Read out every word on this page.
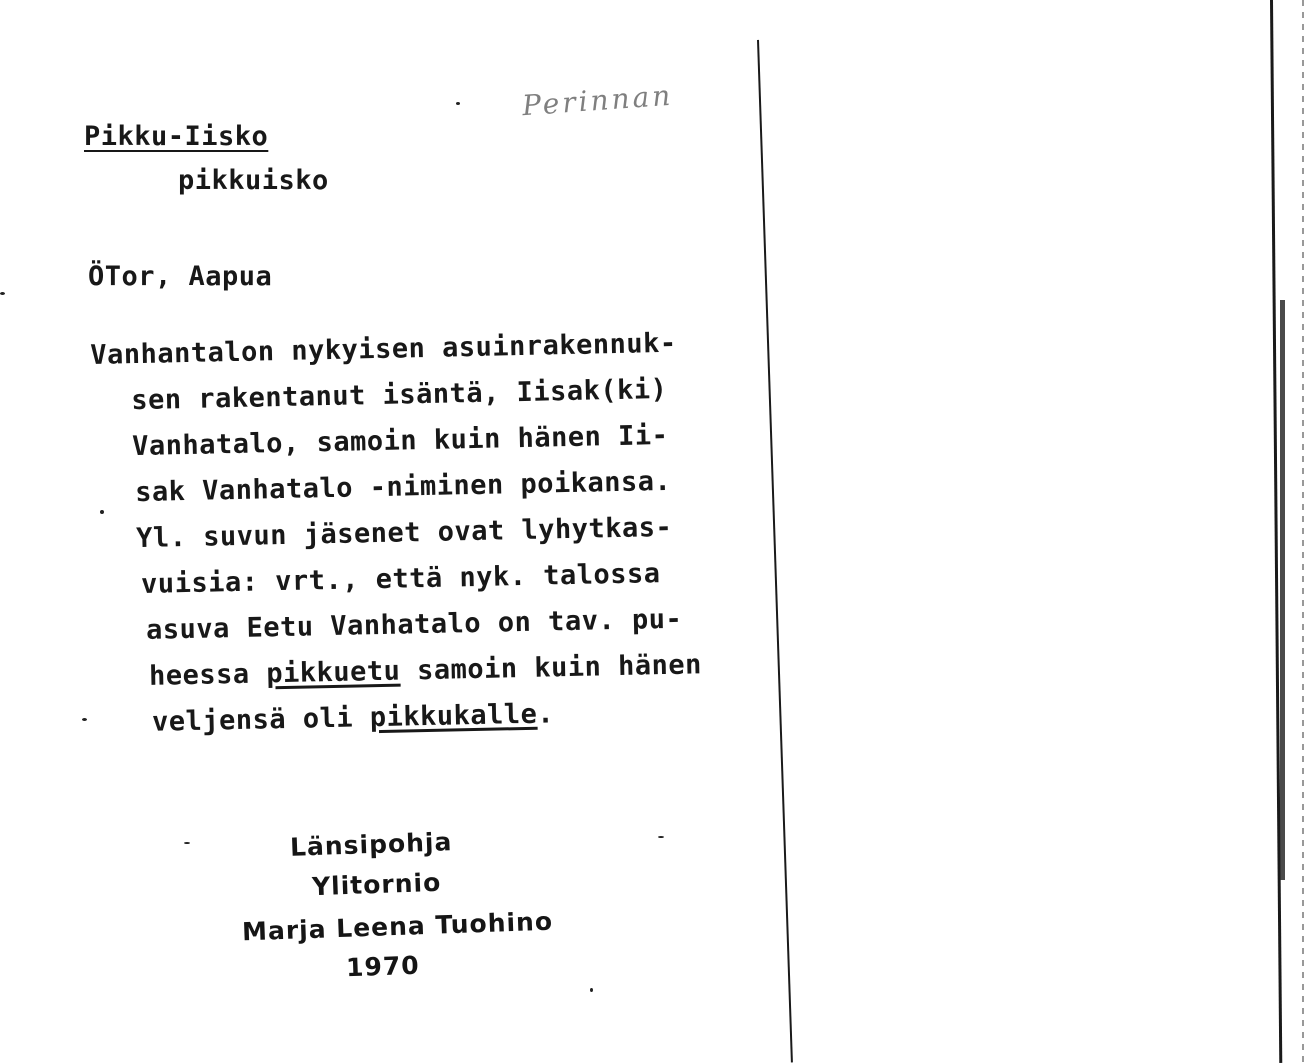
Perinnan
Pikku-Iisko
pikkuisko
ÖTor, Aapua
Vanhantalon nykyisen asuinrakennuk-
sen rakentanut isäntä, Iisak(ki)
Vanhatalo, samoin kuin hänen Ii-
sak Vanhatalo -niminen poikansa.
Yl. suvun jäsenet ovat lyhytkas-
vuisia: vrt., että nyk. talossa
asuva Eetu Vanhatalo on tav. pu-
heessa pikkuetu samoin kuin hänen
veljensä oli pikkukalle.
Länsipohja
Ylitornio
Marja Leena Tuohino
1970
